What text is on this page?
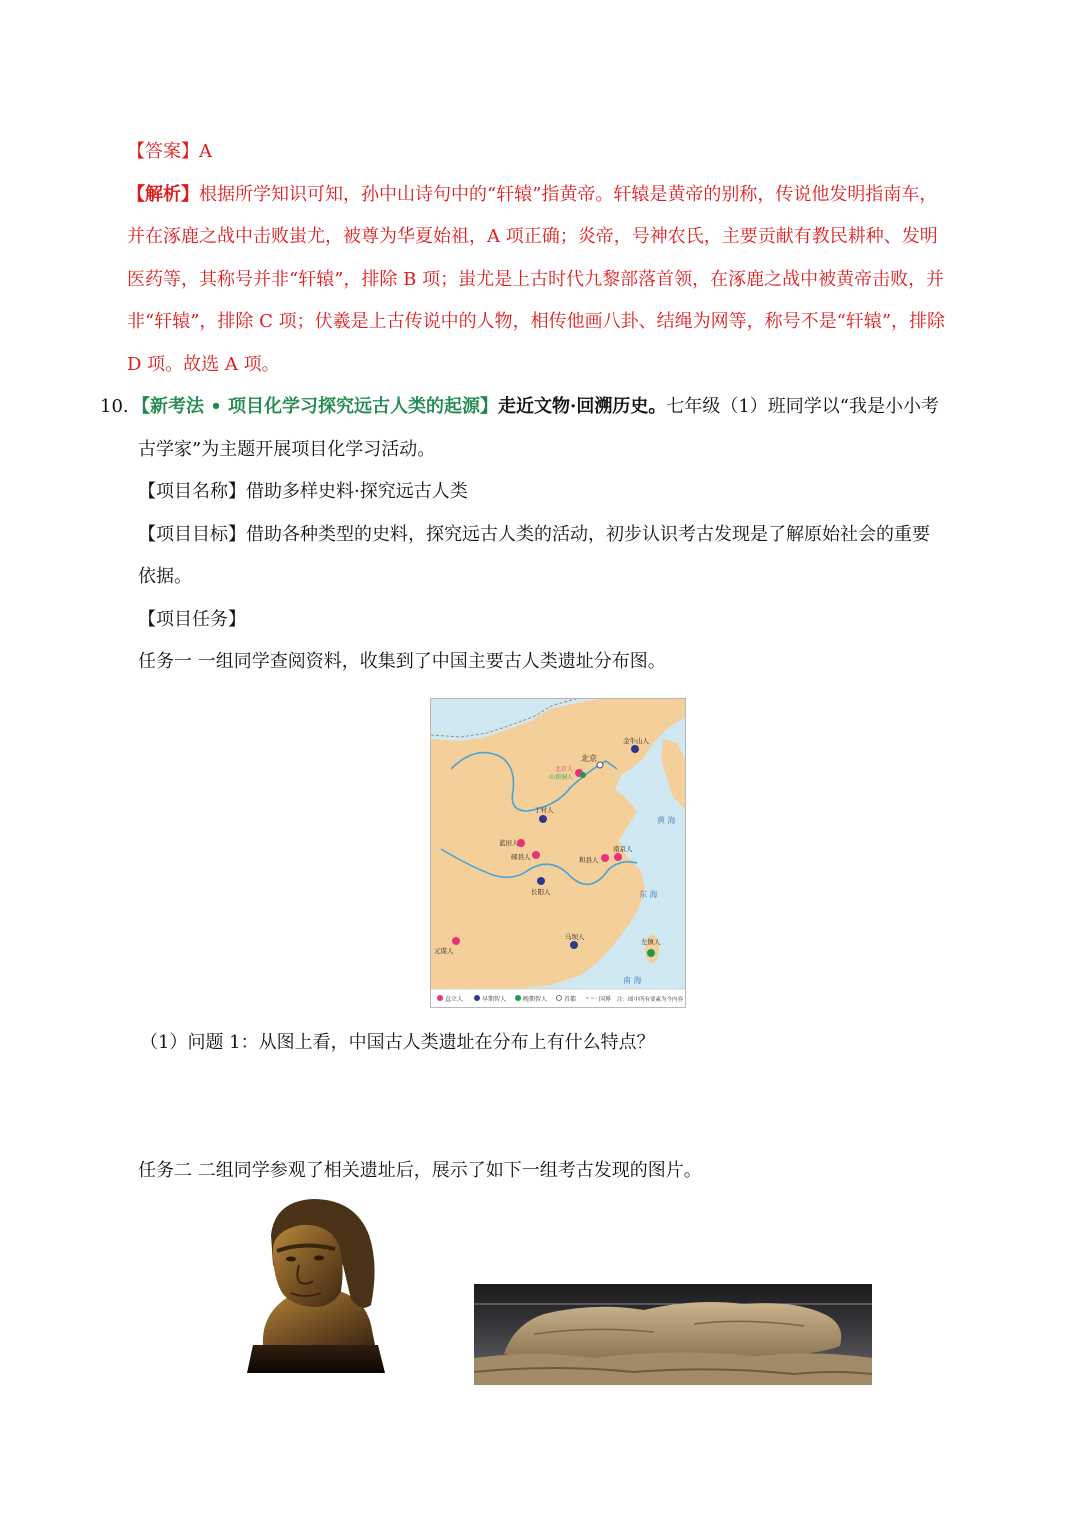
【答案】A
【解析】根据所学知识可知，孙中山诗句中的“轩辕”指黄帝。轩辕是黄帝的别称，传说他发明指南车，
并在涿鹿之战中击败蚩尤，被尊为华夏始祖，A 项正确；炎帝，号神农氏，主要贡献有教民耕种、发明
医药等，其称号并非“轩辕”，排除 B 项；蚩尤是上古时代九黎部落首领，在涿鹿之战中被黄帝击败，并
非“轩辕”，排除 C 项；伏羲是上古传说中的人物，相传他画八卦、结绳为网等，称号不是“轩辕”，排除
D 项。故选 A 项。
10. 【新考法 • 项目化学习探究远古人类的起源】走近文物·回溯历史。七年级（1）班同学以“我是小小考
古学家”为主题开展项目化学习活动。
【项目名称】借助多样史料·探究远古人类
【项目目标】借助各种类型的史料，探究远古人类的活动，初步认识考古发现是了解原始社会的重要
依据。
【项目任务】
任务一 一组同学查阅资料，收集到了中国主要古人类遗址分布图。
黄 海
东 海
南 海
北京
金牛山人
北京人
山顶洞人
丁村人
蓝田人
郧县人	和县人
南京人
长阳人
马坝人
元谋人
左镇人
直立人	早期智人	晚期智人	首都	国界 注：图中所有要素为今内容
（1）问题 1：从图上看，中国古人类遗址在分布上有什么特点？
任务二 二组同学参观了相关遗址后，展示了如下一组考古发现的图片。
